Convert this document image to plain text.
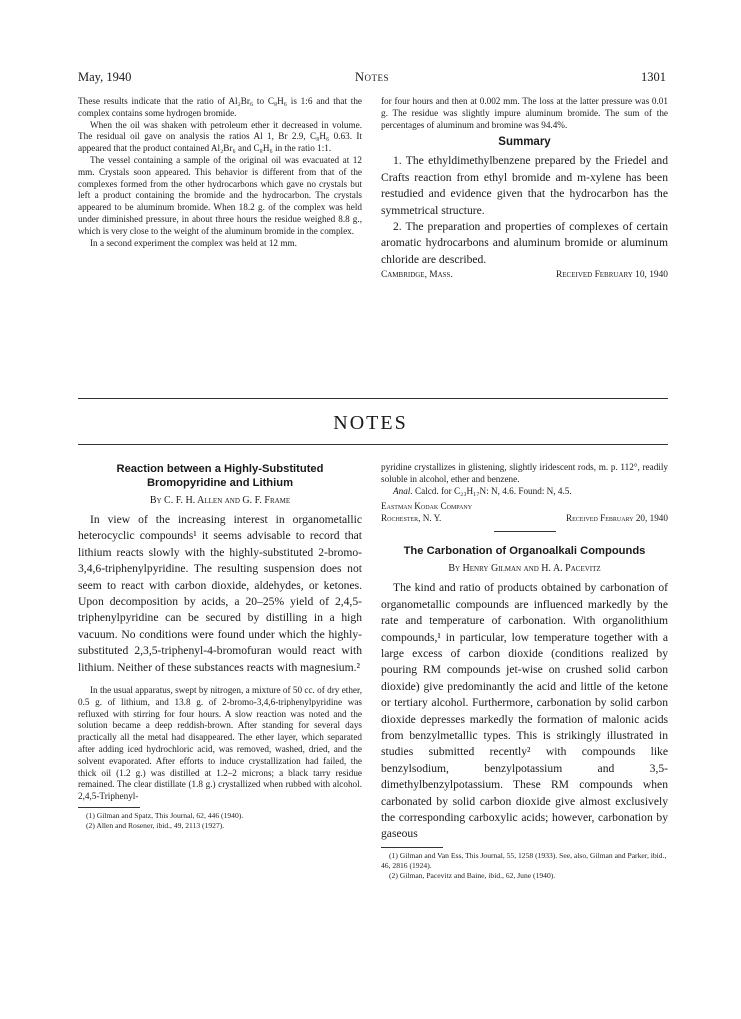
May, 1940	Notes	1301

These results indicate that the ratio of Al₂Br₆ to C₈H₆ is 1:6 and that the complex contains some hydrogen bromide.

When the oil was shaken with petroleum ether it decreased in volume. The residual oil gave on analysis the ratios Al 1, Br 2.9, C₈H₆ 0.63. It appeared that the product contained Al₂Br₆ and C₈H₆ in the ratio 1:1.

The vessel containing a sample of the original oil was evacuated at 12 mm. Crystals soon appeared. This behavior is different from that of the complexes formed from the other hydrocarbons which gave no crystals but left a product containing the bromide and the hydrocarbon. The crystals appeared to be aluminum bromide. When 18.2 g. of the complex was held under diminished pressure, in about three hours the residue weighed 8.8 g., which is very close to the weight of the aluminum bromide in the complex.

In a second experiment the complex was held at 12 mm.

for four hours and then at 0.002 mm. The loss at the latter pressure was 0.01 g. The residue was slightly impure aluminum bromide. The sum of the percentages of aluminum and bromine was 94.4%.

Summary

1. The ethyldimethylbenzene prepared by the Friedel and Crafts reaction from ethyl bromide and m-xylene has been restudied and evidence given that the hydrocarbon has the symmetrical structure.

2. The preparation and properties of complexes of certain aromatic hydrocarbons and aluminum bromide or aluminum chloride are described.

Cambridge, Mass.	Received February 10, 1940
NOTES
Reaction between a Highly-Substituted Bromopyridine and Lithium
By C. F. H. Allen and G. F. Frame

In view of the increasing interest in organometallic heterocyclic compounds¹ it seems advisable to record that lithium reacts slowly with the highly-substituted 2-bromo-3,4,6-triphenylpyridine. The resulting suspension does not seem to react with carbon dioxide, aldehydes, or ketones. Upon decomposition by acids, a 20–25% yield of 2,4,5-triphenylpyridine can be secured by distilling in a high vacuum. No conditions were found under which the highly-substituted 2,3,5-triphenyl-4-bromofuran would react with lithium. Neither of these substances reacts with magnesium.²

In the usual apparatus, swept by nitrogen, a mixture of 50 cc. of dry ether, 0.5 g. of lithium, and 13.8 g. of 2-bromo-3,4,6-triphenylpyridine was refluxed with stirring for four hours. A slow reaction was noted and the solution became a deep reddish-brown. After standing for several days practically all the metal had disappeared. The ether layer, which separated after adding iced hydrochloric acid, was removed, washed, dried, and the solvent evaporated. After efforts to induce crystallization had failed, the thick oil (1.2 g.) was distilled at 1.2–2 microns; a black tarry residue remained. The clear distillate (1.8 g.) crystallized when rubbed with alcohol. 2,4,5-Triphenyl-

(1) Gilman and Spatz, This Journal, 62, 446 (1940).
(2) Allen and Rosener, ibid., 49, 2113 (1927).

pyridine crystallizes in glistening, slightly iridescent rods, m. p. 112°, readily soluble in alcohol, ether and benzene.

Anal. Calcd. for C₂₃H₁₇N: N, 4.6. Found: N, 4.5.

Eastman Kodak Company
Rochester, N. Y.	Received February 20, 1940
The Carbonation of Organoalkali Compounds
By Henry Gilman and H. A. Pacevitz

The kind and ratio of products obtained by carbonation of organometallic compounds are influenced markedly by the rate and temperature of carbonation. With organolithium compounds,¹ in particular, low temperature together with a large excess of carbon dioxide (conditions realized by pouring RM compounds jet-wise on crushed solid carbon dioxide) give predominantly the acid and little of the ketone or tertiary alcohol. Furthermore, carbonation by solid carbon dioxide depresses markedly the formation of malonic acids from benzylmetallic types. This is strikingly illustrated in studies submitted recently² with compounds like benzylsodium, benzylpotassium and 3,5-dimethylbenzylpotassium. These RM compounds when carbonated by solid carbon dioxide give almost exclusively the corresponding carboxylic acids; however, carbonation by gaseous

(1) Gilman and Van Ess, This Journal, 55, 1258 (1933). See, also, Gilman and Parker, ibid., 46, 2816 (1924).
(2) Gilman, Pacevitz and Baine, ibid., 62, June (1940).
